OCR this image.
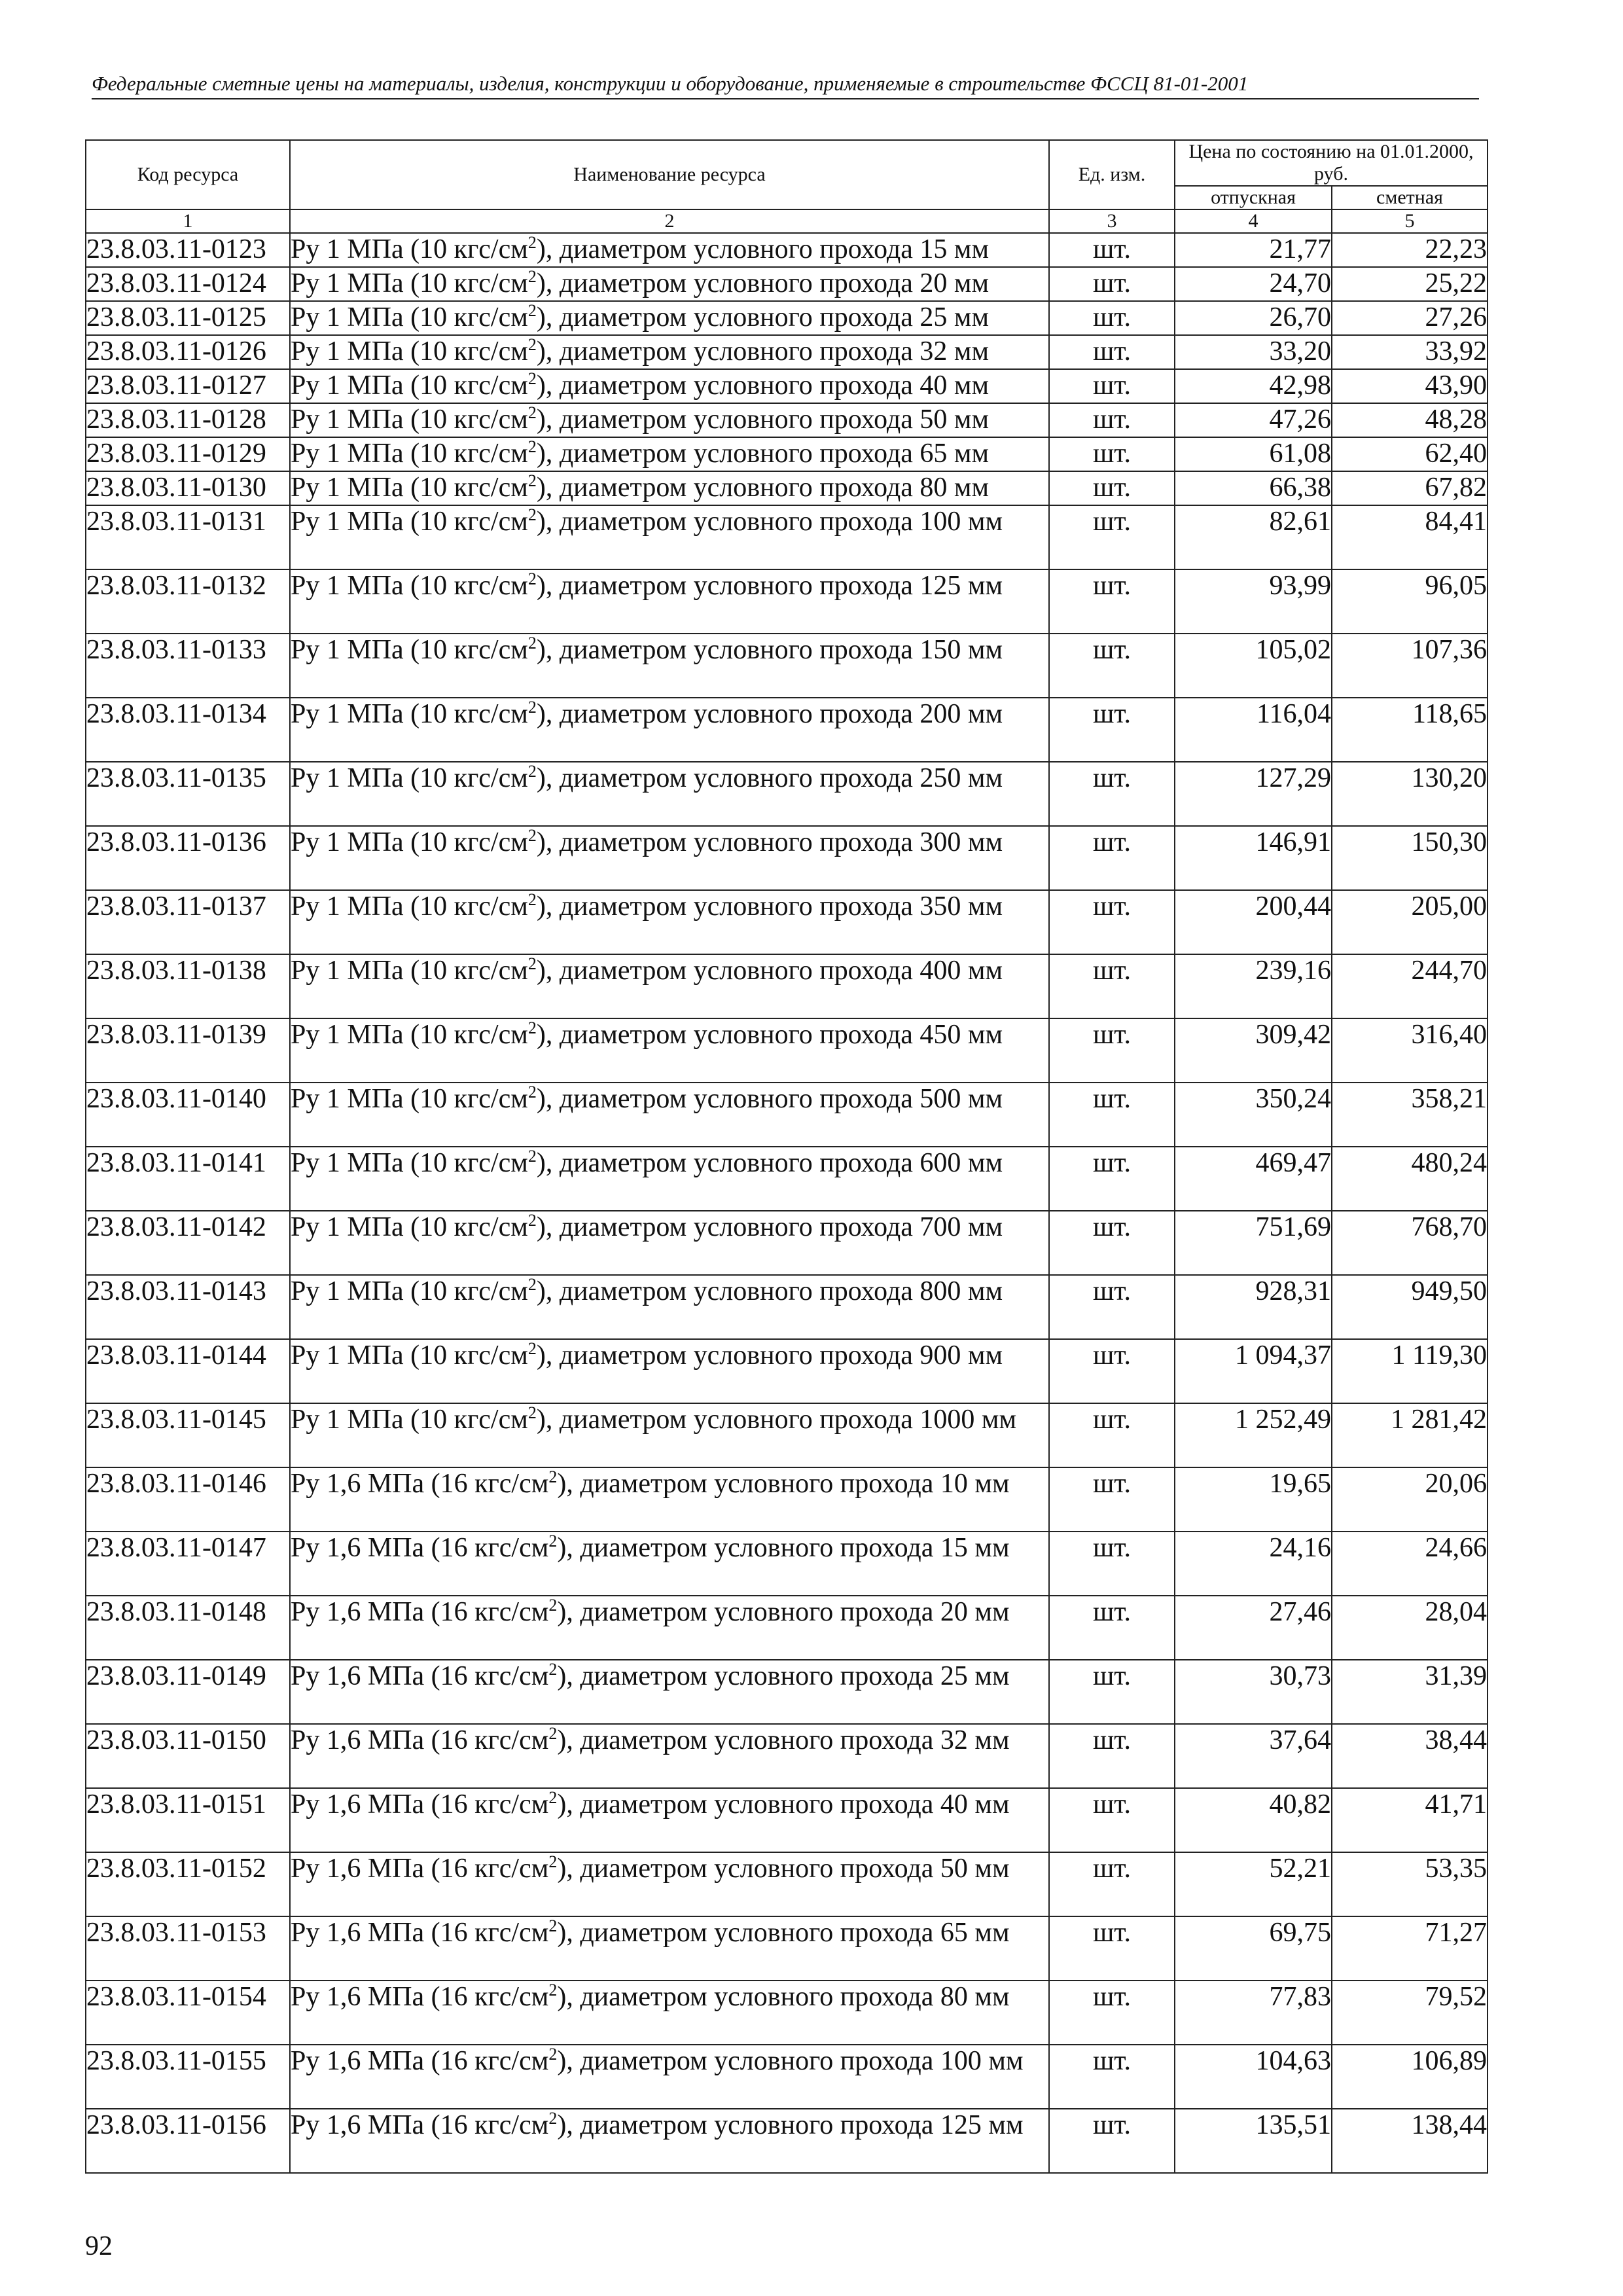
Федеральные сметные цены на материалы, изделия, конструкции и оборудование, применяемые в строительстве ФССЦ 81-01-2001
Код ресурса	Наименование ресурса	Ед. изм.	Цена по состоянию на 01.01.2000, руб.	
			отпускная	сметная
1	2	3	4	5
23.8.03.11-0123	Ру 1 МПа (10 кгс/$см^2$), диаметром условного прохода 15 мм	шт.	21,77	22,23
23.8.03.11-0124	Ру 1 МПа (10 кгс/$см^2$), диаметром условного прохода 20 мм	шт.	24,70	25,22
23.8.03.11-0125	Ру 1 МПа (10 кгс/$см^2$), диаметром условного прохода 25 мм	шт.	26,70	27,26
23.8.03.11-0126	Ру 1 МПа (10 кгс/$см^2$), диаметром условного прохода 32 мм	шт.	33,20	33,92
23.8.03.11-0127	Ру 1 МПа (10 кгс/$см^2$), диаметром условного прохода 40 мм	шт.	42,98	43,90
23.8.03.11-0128	Ру 1 МПа (10 кгс/$см^2$), диаметром условного прохода 50 мм	шт.	47,26	48,28
23.8.03.11-0129	Ру 1 МПа (10 кгс/$см^2$), диаметром условного прохода 65 мм	шт.	61,08	62,40
23.8.03.11-0130	Ру 1 МПа (10 кгс/$см^2$), диаметром условного прохода 80 мм	шт.	66,38	67,82
23.8.03.11-0131	Ру 1 МПа (10 кгс/$см^2$), диаметром условного прохода 100 мм	шт.	82,61	84,41
23.8.03.11-0132	Ру 1 МПа (10 кгс/$см^2$), диаметром условного прохода 125 мм	шт.	93,99	96,05
23.8.03.11-0133	Ру 1 МПа (10 кгс/$см^2$), диаметром условного прохода 150 мм	шт.	105,02	107,36
23.8.03.11-0134	Ру 1 МПа (10 кгс/$см^2$), диаметром условного прохода 200 мм	шт.	116,04	118,65
23.8.03.11-0135	Ру 1 МПа (10 кгс/$см^2$), диаметром условного прохода 250 мм	шт.	127,29	130,20
23.8.03.11-0136	Ру 1 МПа (10 кгс/$см^2$), диаметром условного прохода 300 мм	шт.	146,91	150,30
23.8.03.11-0137	Ру 1 МПа (10 кгс/$см^2$), диаметром условного прохода 350 мм	шт.	200,44	205,00
23.8.03.11-0138	Ру 1 МПа (10 кгс/$см^2$), диаметром условного прохода 400 мм	шт.	239,16	244,70
23.8.03.11-0139	Ру 1 МПа (10 кгс/$см^2$), диаметром условного прохода 450 мм	шт.	309,42	316,40
23.8.03.11-0140	Ру 1 МПа (10 кгс/$см^2$), диаметром условного прохода 500 мм	шт.	350,24	358,21
23.8.03.11-0141	Ру 1 МПа (10 кгс/$см^2$), диаметром условного прохода 600 мм	шт.	469,47	480,24
23.8.03.11-0142	Ру 1 МПа (10 кгс/$см^2$), диаметром условного прохода 700 мм	шт.	751,69	768,70
23.8.03.11-0143	Ру 1 МПа (10 кгс/$см^2$), диаметром условного прохода 800 мм	шт.	928,31	949,50
23.8.03.11-0144	Ру 1 МПа (10 кгс/$см^2$), диаметром условного прохода 900 мм	шт.	1 094,37	1 119,30
23.8.03.11-0145	Ру 1 МПа (10 кгс/$см^2$), диаметром условного прохода 1000 мм	шт.	1 252,49	1 281,42
23.8.03.11-0146	Ру 1,6 МПа (16 кгс/$см^2$), диаметром условного прохода 10 мм	шт.	19,65	20,06
23.8.03.11-0147	Ру 1,6 МПа (16 кгс/$см^2$), диаметром условного прохода 15 мм	шт.	24,16	24,66
23.8.03.11-0148	Ру 1,6 МПа (16 кгс/$см^2$), диаметром условного прохода 20 мм	шт.	27,46	28,04
23.8.03.11-0149	Ру 1,6 МПа (16 кгс/$см^2$), диаметром условного прохода 25 мм	шт.	30,73	31,39
23.8.03.11-0150	Ру 1,6 МПа (16 кгс/$см^2$), диаметром условного прохода 32 мм	шт.	37,64	38,44
23.8.03.11-0151	Ру 1,6 МПа (16 кгс/$см^2$), диаметром условного прохода 40 мм	шт.	40,82	41,71
23.8.03.11-0152	Ру 1,6 МПа (16 кгс/$см^2$), диаметром условного прохода 50 мм	шт.	52,21	53,35
23.8.03.11-0153	Ру 1,6 МПа (16 кгс/$см^2$), диаметром условного прохода 65 мм	шт.	69,75	71,27
23.8.03.11-0154	Ру 1,6 МПа (16 кгс/$см^2$), диаметром условного прохода 80 мм	шт.	77,83	79,52
23.8.03.11-0155	Ру 1,6 МПа (16 кгс/$см^2$), диаметром условного прохода 100 мм	шт.	104,63	106,89
23.8.03.11-0156	Ру 1,6 МПа (16 кгс/$см^2$), диаметром условного прохода 125 мм	шт.	135,51	138,44
92
